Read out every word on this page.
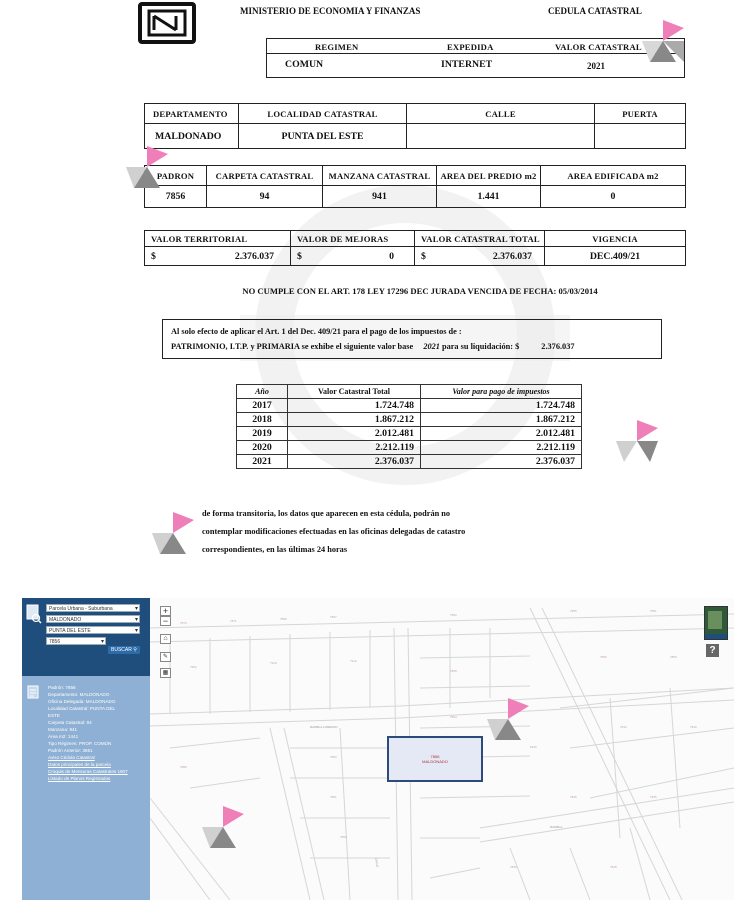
MINISTERIO DE ECONOMIA Y FINANZAS	CEDULA CATASTRAL
REGIMEN	EXPEDIDA	VALOR CATASTRAL
COMUN	INTERNET	2021
DEPARTAMENTO	LOCALIDAD CATASTRAL	CALLE	PUERTA
MALDONADO	PUNTA DEL ESTE		
PADRON	CARPETA CATASTRAL	MANZANA CATASTRAL	AREA DEL PREDIO m2	AREA EDIFICADA m2
7856	94	941	1.441	0
VALOR TERRITORIAL	VALOR DE MEJORAS	VALOR CATASTRAL TOTAL	VIGENCIA
$ 2.376.037	$ 0	$ 2.376.037	DEC.409/21
NO CUMPLE CON EL ART. 178 LEY 17296 DEC JURADA VENCIDA DE FECHA: 05/03/2014
Al solo efecto de aplicar el Art. 1 del Dec. 409/21 para el pago de los impuestos de :
PATRIMONIO, I.T.P. y PRIMARIA se exhibe el siguiente valor base 2021 para su liquidación: $	2.376.037
Año	Valor Catastral Total	Valor para pago de impuestos
2017	1.724.748	1.724.748
2018	1.867.212	1.867.212
2019	2.012.481	2.012.481
2020	2.212.119	2.212.119
2021	2.376.037	2.376.037
de forma transitoria, los datos que aparecen en esta cédula, podrán no
contemplar modificaciones efectuadas en las oficinas delegadas de catastro
correspondientes, en las últimas 24 horas
7874	7871	7869	7867	7860
7855	7851
7902
7910	7912
7858
7854
7863
7861
7862
7869	7850
7842	7840
8125
7836	7835
7880
7830	7828
RAMBLA LORENZO
RAMBLA
CALLE
Parcela Urbana - Suburbana ▾
MALDONADO ▾
PUNTA DEL ESTE ▾
7856 ▾
BUSCAR ⚲
Padrón: 7856
Departamento: MALDONADO
Oficina Delegada: MALDONADO
Localidad Catastral: PUNTA DEL
ESTE
Carpeta Catastral: 94
Manzana: 941
Área m2: 1441
Tipo Régimen: PROP. COMÚN
Padrón Anterior: 3861
Aviso Cédula Catastral
Datos principales de la parcela
Croquis de Mensuras Catastrales 1907
Listado de Planos Registrados
+
−
⌂
✎
▦
7856
MALDONADO
?
